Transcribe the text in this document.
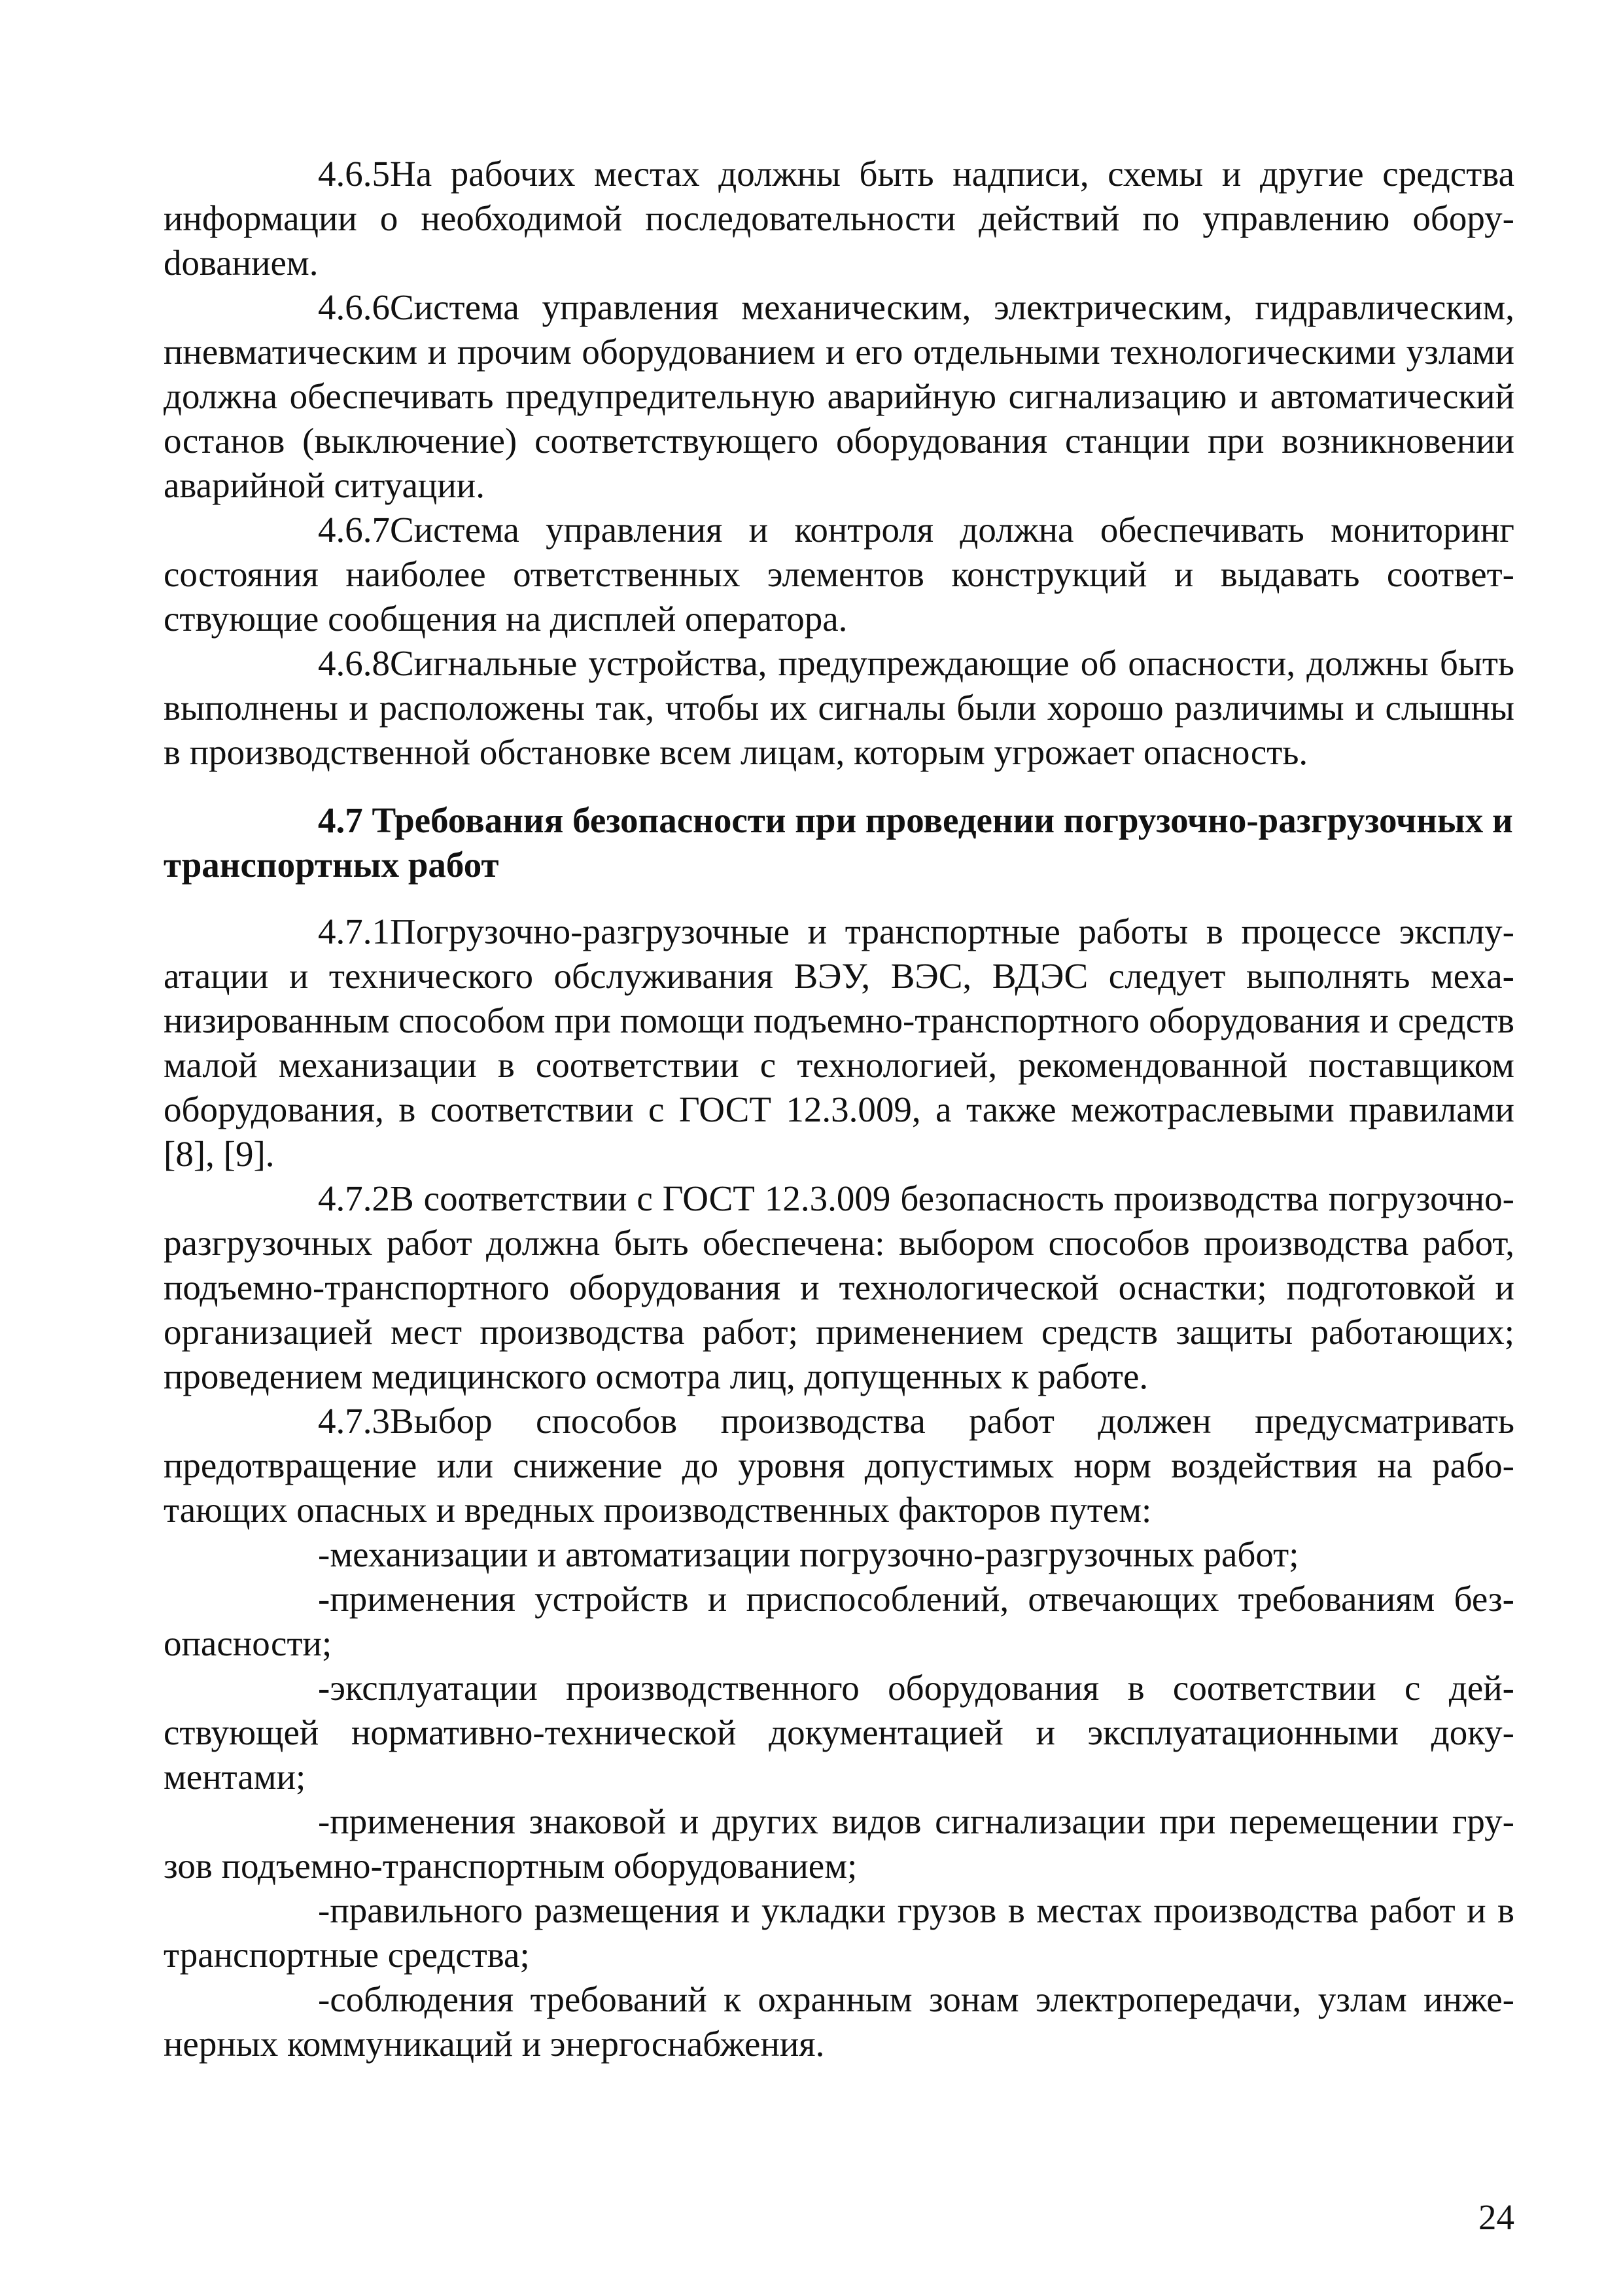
4.6.5На рабочих местах должны быть надписи, схемы и другие средства информации о необходимой последовательности действий по управлению оборуdованием.

4.6.6Система управления механическим, электрическим, гидравлическим, пневматическим и прочим оборудованием и его отдельными технологическими узлами должна обеспечивать предупредительную аварийную сигнализацию и автоматический останов (выключение) соответствующего оборудования станции при возникновении аварийной ситуации.

4.6.7Система управления и контроля должна обеспечивать мониторинг состояния наиболее ответственных элементов конструкций и выдавать соответствующие сообщения на дисплей оператора.

4.6.8Сигнальные устройства, предупреждающие об опасности, должны быть выполнены и расположены так, чтобы их сигналы были хорошо различимы и слышны в производственной обстановке всем лицам, которым угрожает опасность.

4.7 Требования безопасности при проведении погрузочно-разгрузочных и транспортных работ

4.7.1Погрузочно-разгрузочные и транспортные работы в процессе эксплуатации и технического обслуживания ВЭУ, ВЭС, ВДЭС следует выполнять механизированным способом при помощи подъемно-транспортного оборудования и средств малой механизации в соответствии с технологией, рекомендованной поставщиком оборудования, в соответствии с ГОСТ 12.3.009, а также межотраслевыми правилами [8], [9].

4.7.2В соответствии с ГОСТ 12.3.009 безопасность производства погрузочно-разгрузочных работ должна быть обеспечена: выбором способов производства работ, подъемно-транспортного оборудования и технологической оснастки; подготовкой и организацией мест производства работ; применением средств защиты работающих; проведением медицинского осмотра лиц, допущенных к работе.

4.7.3Выбор способов производства работ должен предусматривать предотвращение или снижение до уровня допустимых норм воздействия на работающих опасных и вредных производственных факторов путем:

-механизации и автоматизации погрузочно-разгрузочных работ;

-применения устройств и приспособлений, отвечающих требованиям безопасности;

-эксплуатации производственного оборудования в соответствии с действующей нормативно-технической документацией и эксплуатационными документами;

-применения знаковой и других видов сигнализации при перемещении грузов подъемно-транспортным оборудованием;

-правильного размещения и укладки грузов в местах производства работ и в транспортные средства;

-соблюдения требований к охранным зонам электропередачи, узлам инженерных коммуникаций и энергоснабжения.

24
